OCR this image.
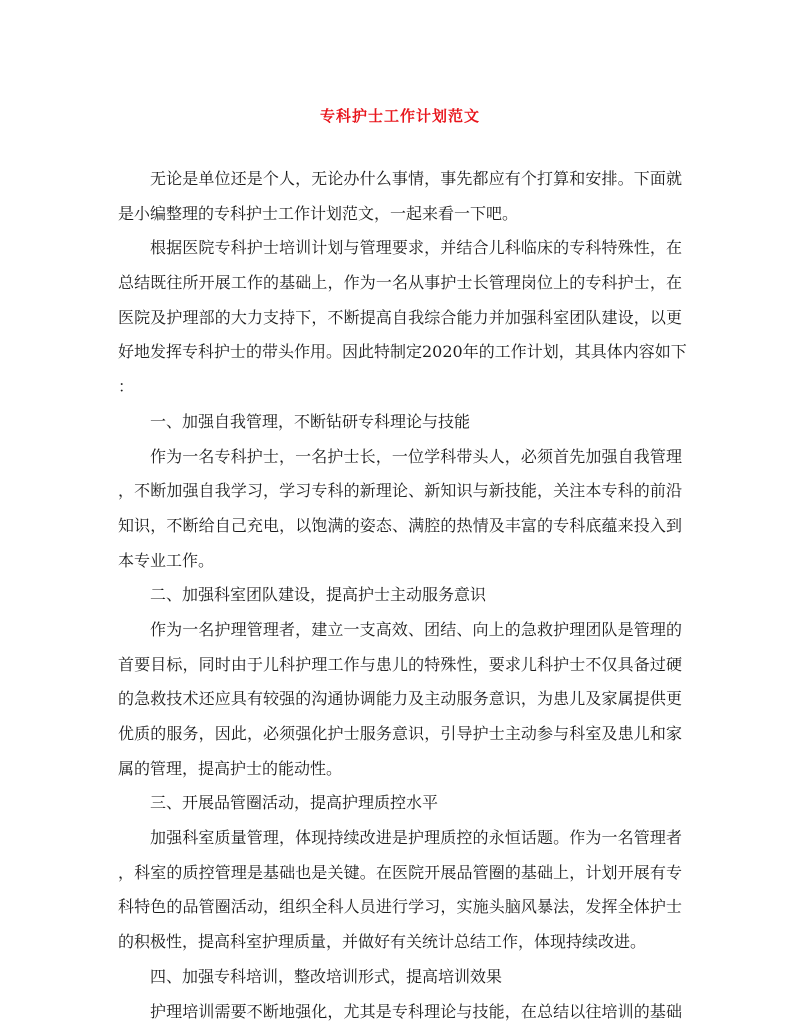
专科护士工作计划范文
无论是单位还是个人，无论办什么事情，事先都应有个打算和安排。下面就
是小编整理的专科护士工作计划范文，一起来看一下吧。
根据医院专科护士培训计划与管理要求，并结合儿科临床的专科特殊性，在
总结既往所开展工作的基础上，作为一名从事护士长管理岗位上的专科护士，在
医院及护理部的大力支持下，不断提高自我综合能力并加强科室团队建设，以更
好地发挥专科护士的带头作用。因此特制定2020年的工作计划，其具体内容如下
：
一、加强自我管理，不断钻研专科理论与技能
作为一名专科护士，一名护士长，一位学科带头人，必须首先加强自我管理
，不断加强自我学习，学习专科的新理论、新知识与新技能，关注本专科的前沿
知识，不断给自己充电，以饱满的姿态、满腔的热情及丰富的专科底蕴来投入到
本专业工作。
二、加强科室团队建设，提高护士主动服务意识
作为一名护理管理者，建立一支高效、团结、向上的急救护理团队是管理的
首要目标，同时由于儿科护理工作与患儿的特殊性，要求儿科护士不仅具备过硬
的急救技术还应具有较强的沟通协调能力及主动服务意识，为患儿及家属提供更
优质的服务，因此，必须强化护士服务意识，引导护士主动参与科室及患儿和家
属的管理，提高护士的能动性。
三、开展品管圈活动，提高护理质控水平
加强科室质量管理，体现持续改进是护理质控的永恒话题。作为一名管理者
，科室的质控管理是基础也是关键。在医院开展品管圈的基础上，计划开展有专
科特色的品管圈活动，组织全科人员进行学习，实施头脑风暴法，发挥全体护士
的积极性，提高科室护理质量，并做好有关统计总结工作，体现持续改进。
四、加强专科培训，整改培训形式，提高培训效果
护理培训需要不断地强化，尤其是专科理论与技能，在总结以往培训的基础
